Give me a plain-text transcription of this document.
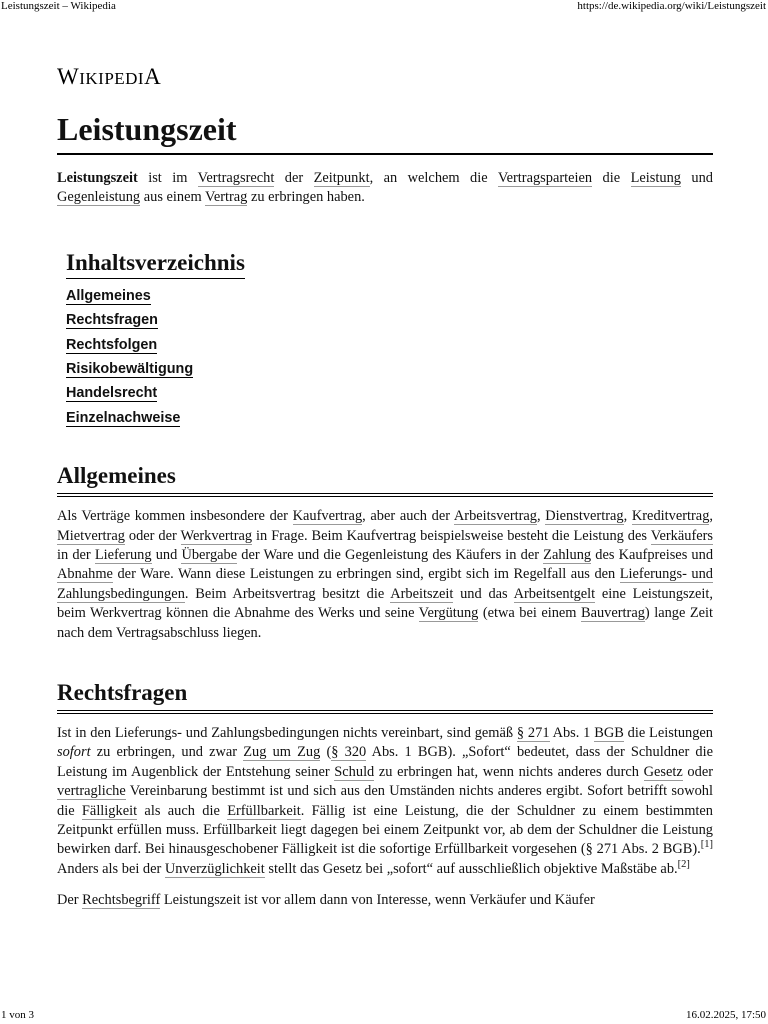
Leistungszeit – Wikipedia	https://de.wikipedia.org/wiki/Leistungszeit
WIKIPEDIA
Leistungszeit

Leistungszeit ist im Vertragsrecht der Zeitpunkt, an welchem die Vertragsparteien die Leistung und Gegenleistung aus einem Vertrag zu erbringen haben.

Inhaltsverzeichnis
Allgemeines
Rechtsfragen
Rechtsfolgen
Risikobewältigung
Handelsrecht
Einzelnachweise
Allgemeines

Als Verträge kommen insbesondere der Kaufvertrag, aber auch der Arbeitsvertrag, Dienstvertrag, Kreditvertrag, Mietvertrag oder der Werkvertrag in Frage. Beim Kaufvertrag beispielsweise besteht die Leistung des Verkäufers in der Lieferung und Übergabe der Ware und die Gegenleistung des Käufers in der Zahlung des Kaufpreises und Abnahme der Ware. Wann diese Leistungen zu erbringen sind, ergibt sich im Regelfall aus den Lieferungs- und Zahlungsbedingungen. Beim Arbeitsvertrag besitzt die Arbeitszeit und das Arbeitsentgelt eine Leistungszeit, beim Werkvertrag können die Abnahme des Werks und seine Vergütung (etwa bei einem Bauvertrag) lange Zeit nach dem Vertragsabschluss liegen.

Rechtsfragen

Ist in den Lieferungs- und Zahlungsbedingungen nichts vereinbart, sind gemäß § 271 Abs. 1 BGB die Leistungen sofort zu erbringen, und zwar Zug um Zug (§ 320 Abs. 1 BGB). „Sofort“ bedeutet, dass der Schuldner die Leistung im Augenblick der Entstehung seiner Schuld zu erbringen hat, wenn nichts anderes durch Gesetz oder vertragliche Vereinbarung bestimmt ist und sich aus den Umständen nichts anderes ergibt. Sofort betrifft sowohl die Fälligkeit als auch die Erfüllbarkeit. Fällig ist eine Leistung, die der Schuldner zu einem bestimmten Zeitpunkt erfüllen muss. Erfüllbarkeit liegt dagegen bei einem Zeitpunkt vor, ab dem der Schuldner die Leistung bewirken darf. Bei hinausgeschobener Fälligkeit ist die sofortige Erfüllbarkeit vorgesehen (§ 271 Abs. 2 BGB).[1] Anders als bei der Unverzüglichkeit stellt das Gesetz bei „sofort“ auf ausschließlich objektive Maßstäbe ab.[2]

Der Rechtsbegriff Leistungszeit ist vor allem dann von Interesse, wenn Verkäufer und Käufer

1 von 3	16.02.2025, 17:50
